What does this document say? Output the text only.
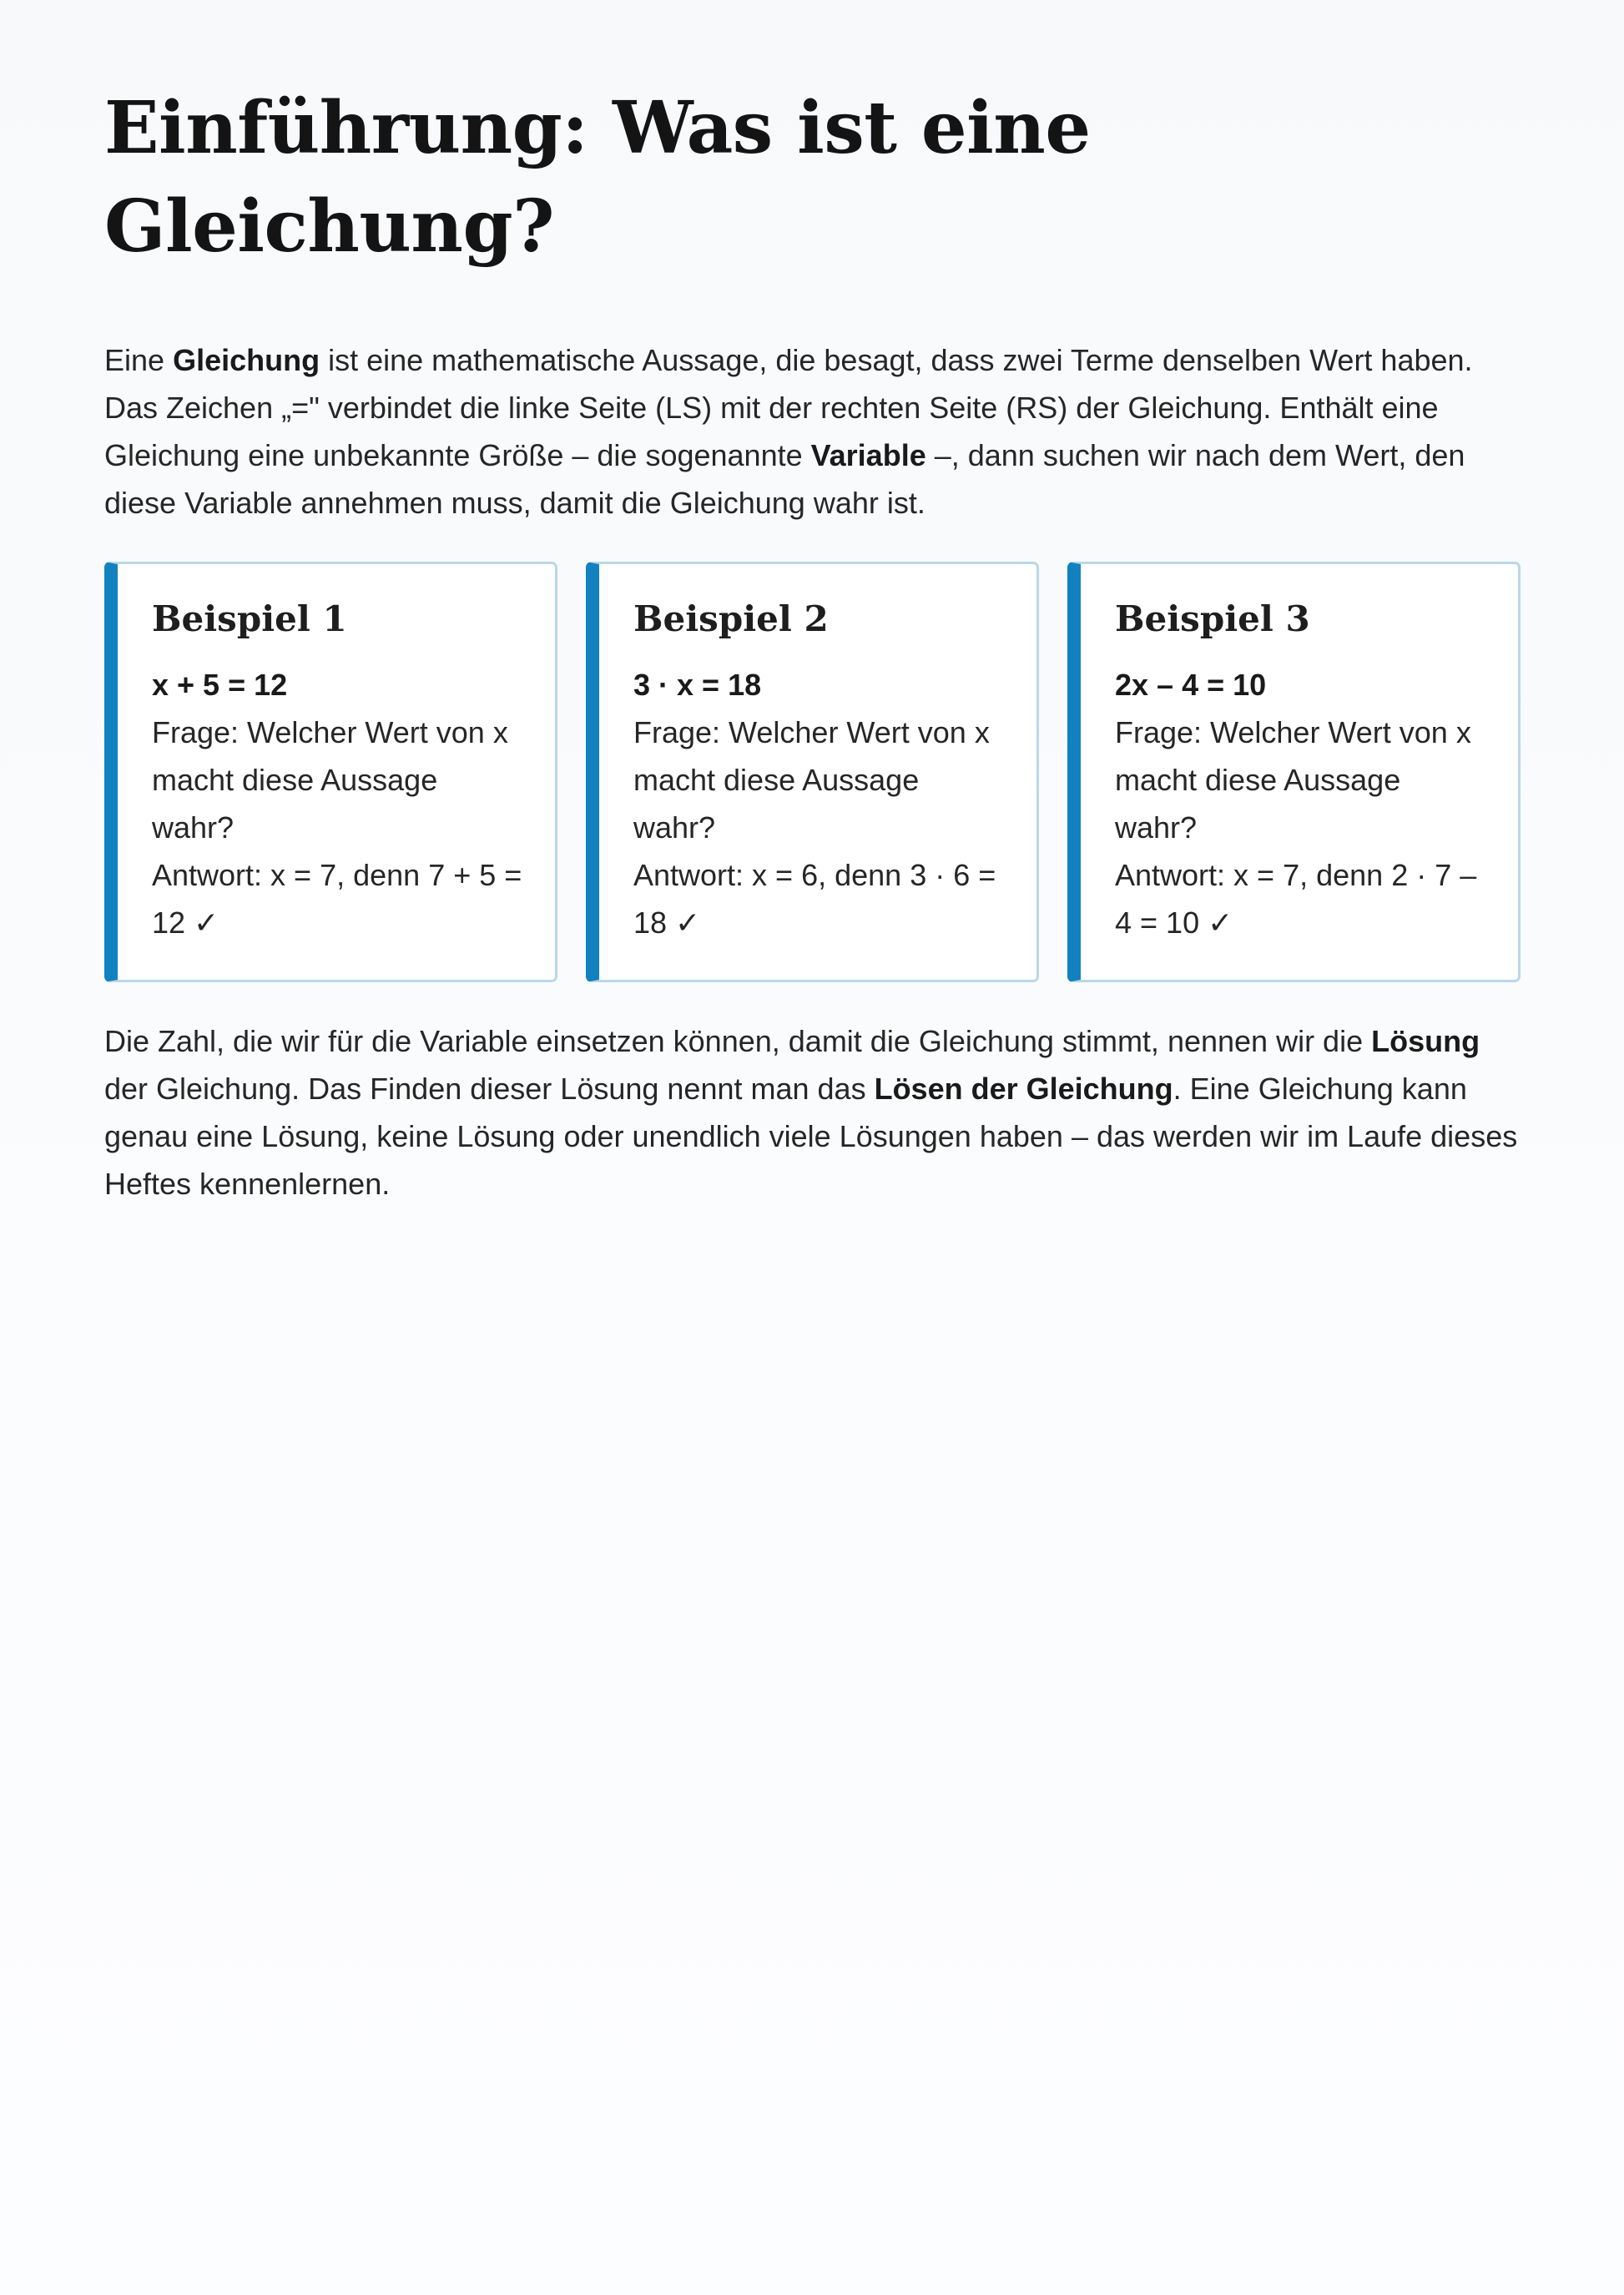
Einführung: Was ist eine Gleichung?

Eine Gleichung ist eine mathematische Aussage, die besagt, dass zwei Terme denselben Wert haben. Das Zeichen „=" verbindet die linke Seite (LS) mit der rechten Seite (RS) der Gleichung. Enthält eine Gleichung eine unbekannte Größe – die sogenannte Variable –, dann suchen wir nach dem Wert, den diese Variable annehmen muss, damit die Gleichung wahr ist.

Beispiel 1
x + 5 = 12
Frage: Welcher Wert von x macht diese Aussage wahr?
Antwort: x = 7, denn 7 + 5 = 12 ✓
Beispiel 2
3 · x = 18
Frage: Welcher Wert von x macht diese Aussage wahr?
Antwort: x = 6, denn 3 · 6 = 18 ✓
Beispiel 3
2x – 4 = 10
Frage: Welcher Wert von x macht diese Aussage wahr?
Antwort: x = 7, denn 2 · 7 – 4 = 10 ✓

Die Zahl, die wir für die Variable einsetzen können, damit die Gleichung stimmt, nennen wir die Lösung der Gleichung. Das Finden dieser Lösung nennt man das Lösen der Gleichung. Eine Gleichung kann genau eine Lösung, keine Lösung oder unendlich viele Lösungen haben – das werden wir im Laufe dieses Heftes kennenlernen.
